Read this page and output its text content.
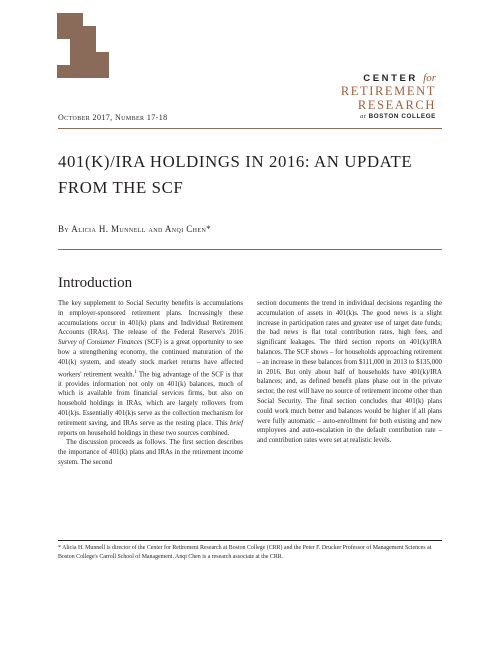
CENTER for
RETIREMENT
RESEARCH
at BOSTON COLLEGE
October 2017, Number 17-18
401(K)/IRA HOLDINGS IN 2016: AN UPDATE FROM THE SCF
By Alicia H. Munnell and Anqi Chen*
Introduction

The key supplement to Social Security benefits is accumulations in employer-sponsored retirement plans. Increasingly these accumulations occur in 401(k) plans and Individual Retirement Accounts (IRAs). The release of the Federal Reserve's 2016 Survey of Consumer Finances (SCF) is a great opportunity to see how a strengthening economy, the continued maturation of the 401(k) system, and steady stock market returns have affected workers' retirement wealth.$^1$ The big advantage of the SCF is that it provides information not only on 401(k) balances, much of which is available from financial services firms, but also on household holdings in IRAs, which are largely rollovers from 401(k)s. Essentially 401(k)s serve as the collection mechanism for retirement saving, and IRAs serve as the resting place. This brief reports on household holdings in these two sources combined.

The discussion proceeds as follows. The first section describes the importance of 401(k) plans and IRAs in the retirement income system. The second

section documents the trend in individual decisions regarding the accumulation of assets in 401(k)s. The good news is a slight increase in participation rates and greater use of target date funds; the bad news is flat total contribution rates, high fees, and significant leakages. The third section reports on 401(k)/IRA balances. The SCF shows – for households approaching retirement – an increase in these balances from $111,000 in 2013 to $135,000 in 2016. But only about half of households have 401(k)/IRA balances; and, as defined benefit plans phase out in the private sector, the rest will have no source of retirement income other than Social Security. The final section concludes that 401(k) plans could work much better and balances would be higher if all plans were fully automatic – auto-enrollment for both existing and new employees and auto-escalation in the default contribution rate – and contribution rates were set at realistic levels.

* Alicia H. Munnell is director of the Center for Retirement Research at Boston College (CRR) and the Peter F. Drucker Professor of Management Sciences at Boston College's Carroll School of Management. Anqi Chen is a research associate at the CRR.
